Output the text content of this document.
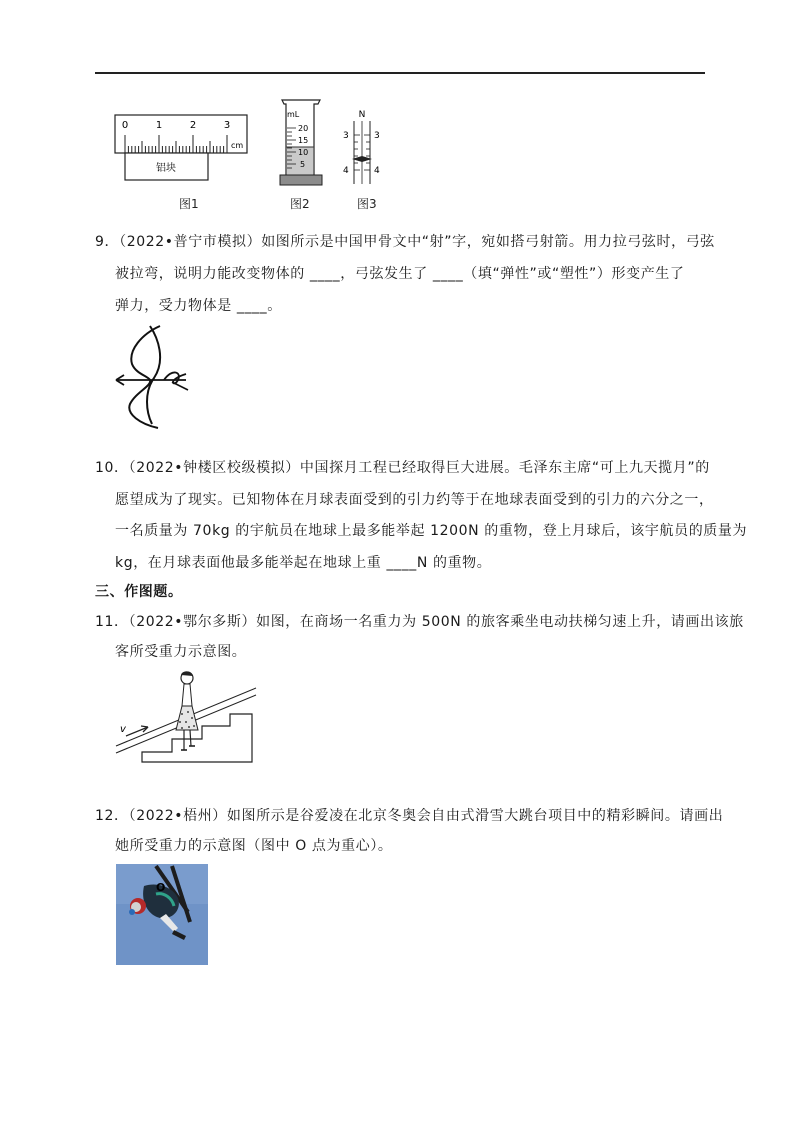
0	1	2	3
cm
铝块
图1
mL
20
15
10
5
图2
N
3	3
4	4
图3
9．（2022•普宁市模拟）如图所示是中国甲骨文中“射”字，宛如搭弓射箭。用力拉弓弦时，弓弦
被拉弯，说明力能改变物体的 ____，弓弦发生了 ____（填“弹性”或“塑性”）形变产生了
弹力，受力物体是 ____。
10．（2022•钟楼区校级模拟）中国探月工程已经取得巨大进展。毛泽东主席“可上九天揽月”的
愿望成为了现实。已知物体在月球表面受到的引力约等于在地球表面受到的引力的六分之一，
一名质量为 70kg 的宇航员在地球上最多能举起 1200N 的重物，登上月球后，该宇航员的质量为
kg，在月球表面他最多能举起在地球上重 ____N 的重物。
三、作图题。
11．（2022•鄂尔多斯）如图，在商场一名重力为 500N 的旅客乘坐电动扶梯匀速上升，请画出该旅
客所受重力示意图。
v
12．（2022•梧州）如图所示是谷爱凌在北京冬奥会自由式滑雪大跳台项目中的精彩瞬间。请画出
她所受重力的示意图（图中 O 点为重心）。
O
